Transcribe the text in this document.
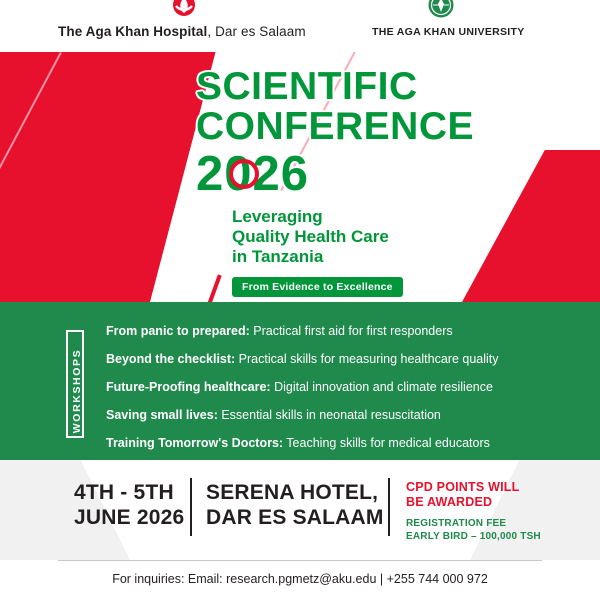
SCIENTIFIC
CONFERENCE
2026
Leveraging
Quality Health Care
in Tanzania
From Evidence to Excellence
The Aga Khan Hospital, Dar es Salaam	THE AGA KHAN UNIVERSITY
WORKSHOPS
From panic to prepared: Practical first aid for first responders
Beyond the checklist: Practical skills for measuring healthcare quality
Future-Proofing healthcare: Digital innovation and climate resilience
Saving small lives: Essential skills in neonatal resuscitation
Training Tomorrow's Doctors: Teaching skills for medical educators
4TH - 5TH
JUNE 2026
SERENA HOTEL,
DAR ES SALAAM
CPD POINTS WILL
BE AWARDED
REGISTRATION FEE
EARLY BIRD – 100,000 TSH
For inquiries: Email: research.pgmetz@aku.edu | +255 744 000 972
